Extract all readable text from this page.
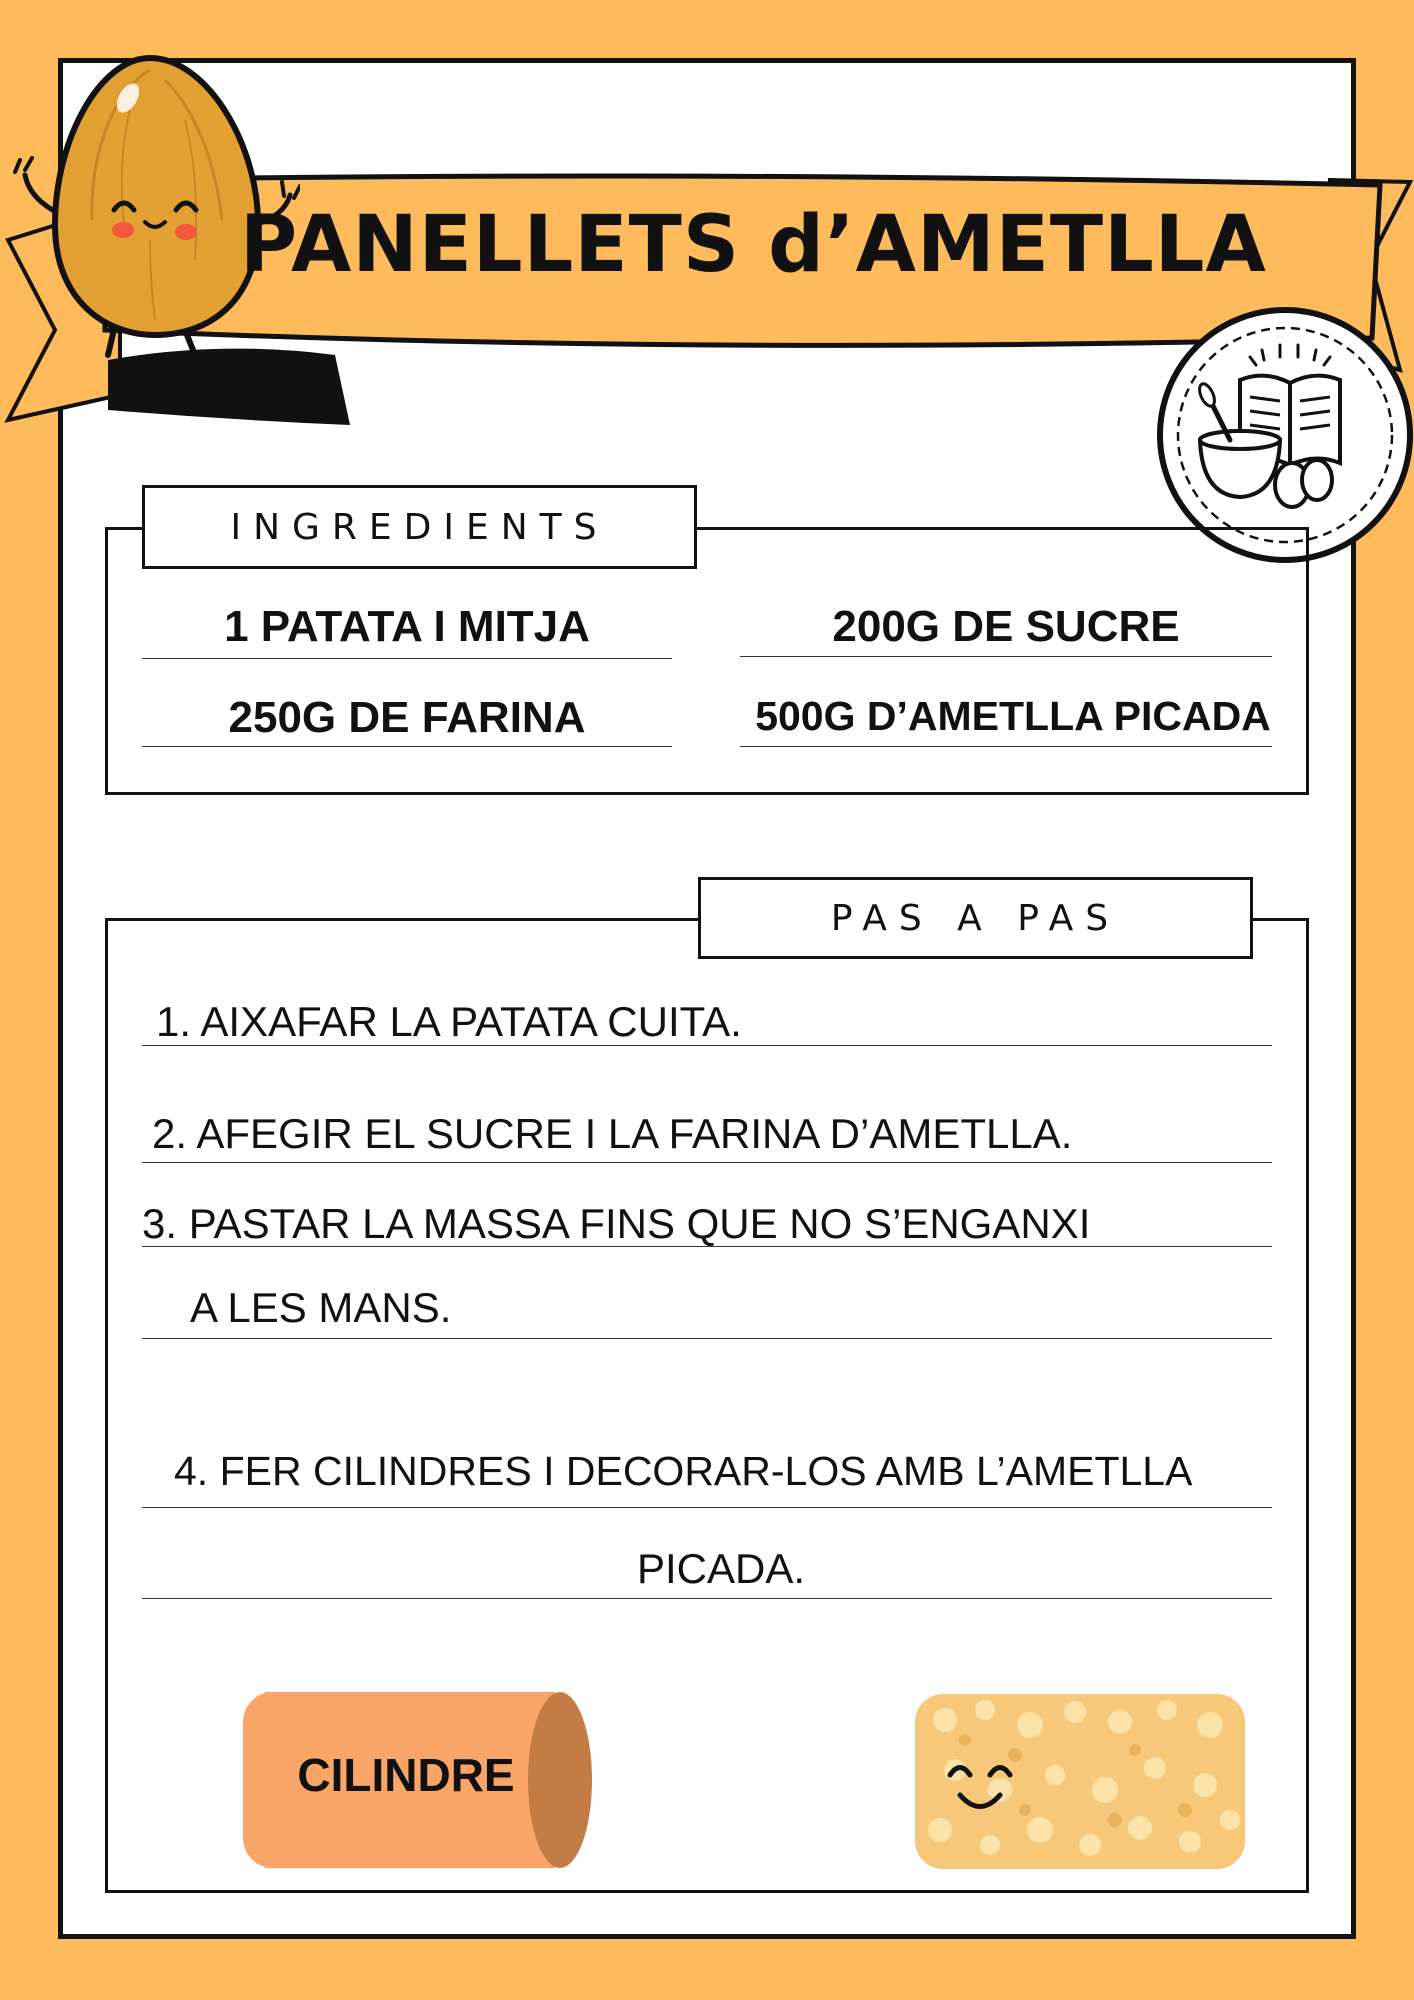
PANELLETS d’AMETLLA
INGREDIENTS
1 PATATA I MITJA	200G DE SUCRE
250G DE FARINA	500G D’AMETLLA PICADA
PAS A PAS
1. AIXAFAR LA PATATA CUITA.
2. AFEGIR EL SUCRE I LA FARINA D’AMETLLA.
3. PASTAR LA MASSA FINS QUE NO S’ENGANXI
A LES MANS.
4. FER CILINDRES I DECORAR-LOS AMB L’AMETLLA
PICADA.
CILINDRE
